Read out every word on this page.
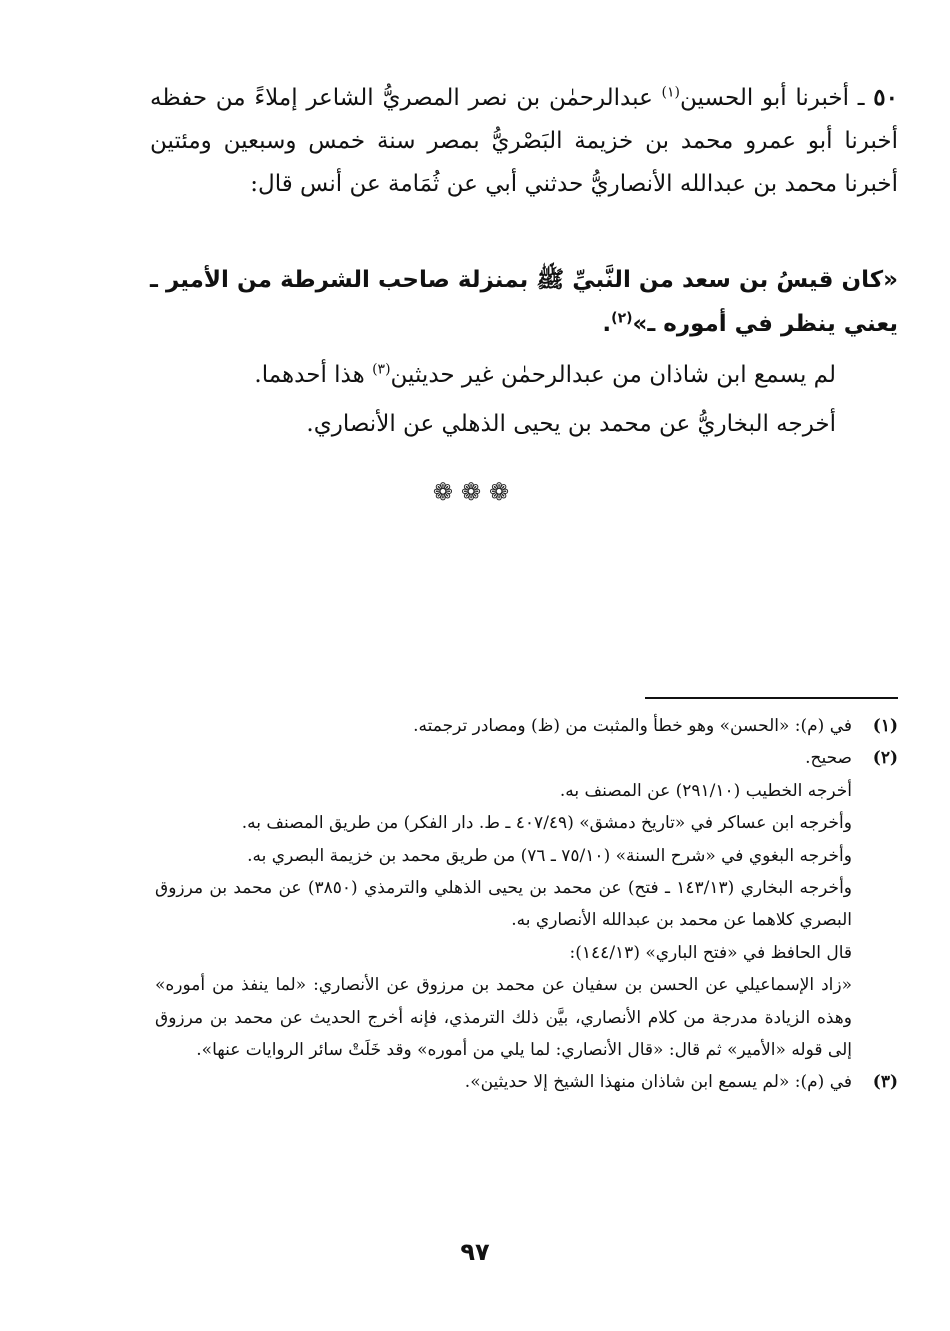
٥٠ ـ أخبرنا أبو الحسين$^{(١)}$ عبدالرحمٰن بن نصر المصريُّ الشاعر إملاءً من حفظه أخبرنا أبو عمرو محمد بن خزيمة البَصْريُّ بمصر سنة خمس وسبعين ومئتين أخبرنا محمد بن عبدالله الأنصاريُّ حدثني أبي عن ثُمَامة عن أنس قال:

«كان قيسُ بن سعد من النَّبيِّ ﷺ بمنزلة صاحب الشرطة من الأمير ـ يعني ينظر في أموره ـ»$^{(٢)}$.

لم يسمع ابن شاذان من عبدالرحمٰن غير حديثين$^{(٣)}$ هذا أحدهما.

أخرجه البخاريُّ عن محمد بن يحيى الذهلي عن الأنصاري.

❁❁❁

(١)
في (م): «الحسن» وهو خطأ والمثبت من (ظ) ومصادر ترجمته.

(٢)
صحيح.

أخرجه الخطيب (٢٩١/١٠) عن المصنف به.

وأخرجه ابن عساكر في «تاريخ دمشق» (٤٠٧/٤٩ ـ ط. دار الفكر) من طريق المصنف به.

وأخرجه البغوي في «شرح السنة» (٧٥/١٠ ـ ٧٦) من طريق محمد بن خزيمة البصري به.

وأخرجه البخاري (١٤٣/١٣ ـ فتح) عن محمد بن يحيى الذهلي والترمذي (٣٨٥٠) عن محمد بن مرزوق البصري كلاهما عن محمد بن عبدالله الأنصاري به.

قال الحافظ في «فتح الباري» (١٤٤/١٣):

«زاد الإسماعيلي عن الحسن بن سفيان عن محمد بن مرزوق عن الأنصاري: «لما ينفذ من أموره» وهذه الزيادة مدرجة من كلام الأنصاري، بيَّن ذلك الترمذي، فإنه أخرج الحديث عن محمد بن مرزوق إلى قوله «الأمير» ثم قال: «قال الأنصاري: لما يلي من أموره» وقد خَلَتْ سائر الروايات عنها».

(٣)
في (م): «لم يسمع ابن شاذان منهذا الشيخ إلا حديثين».

٩٧
